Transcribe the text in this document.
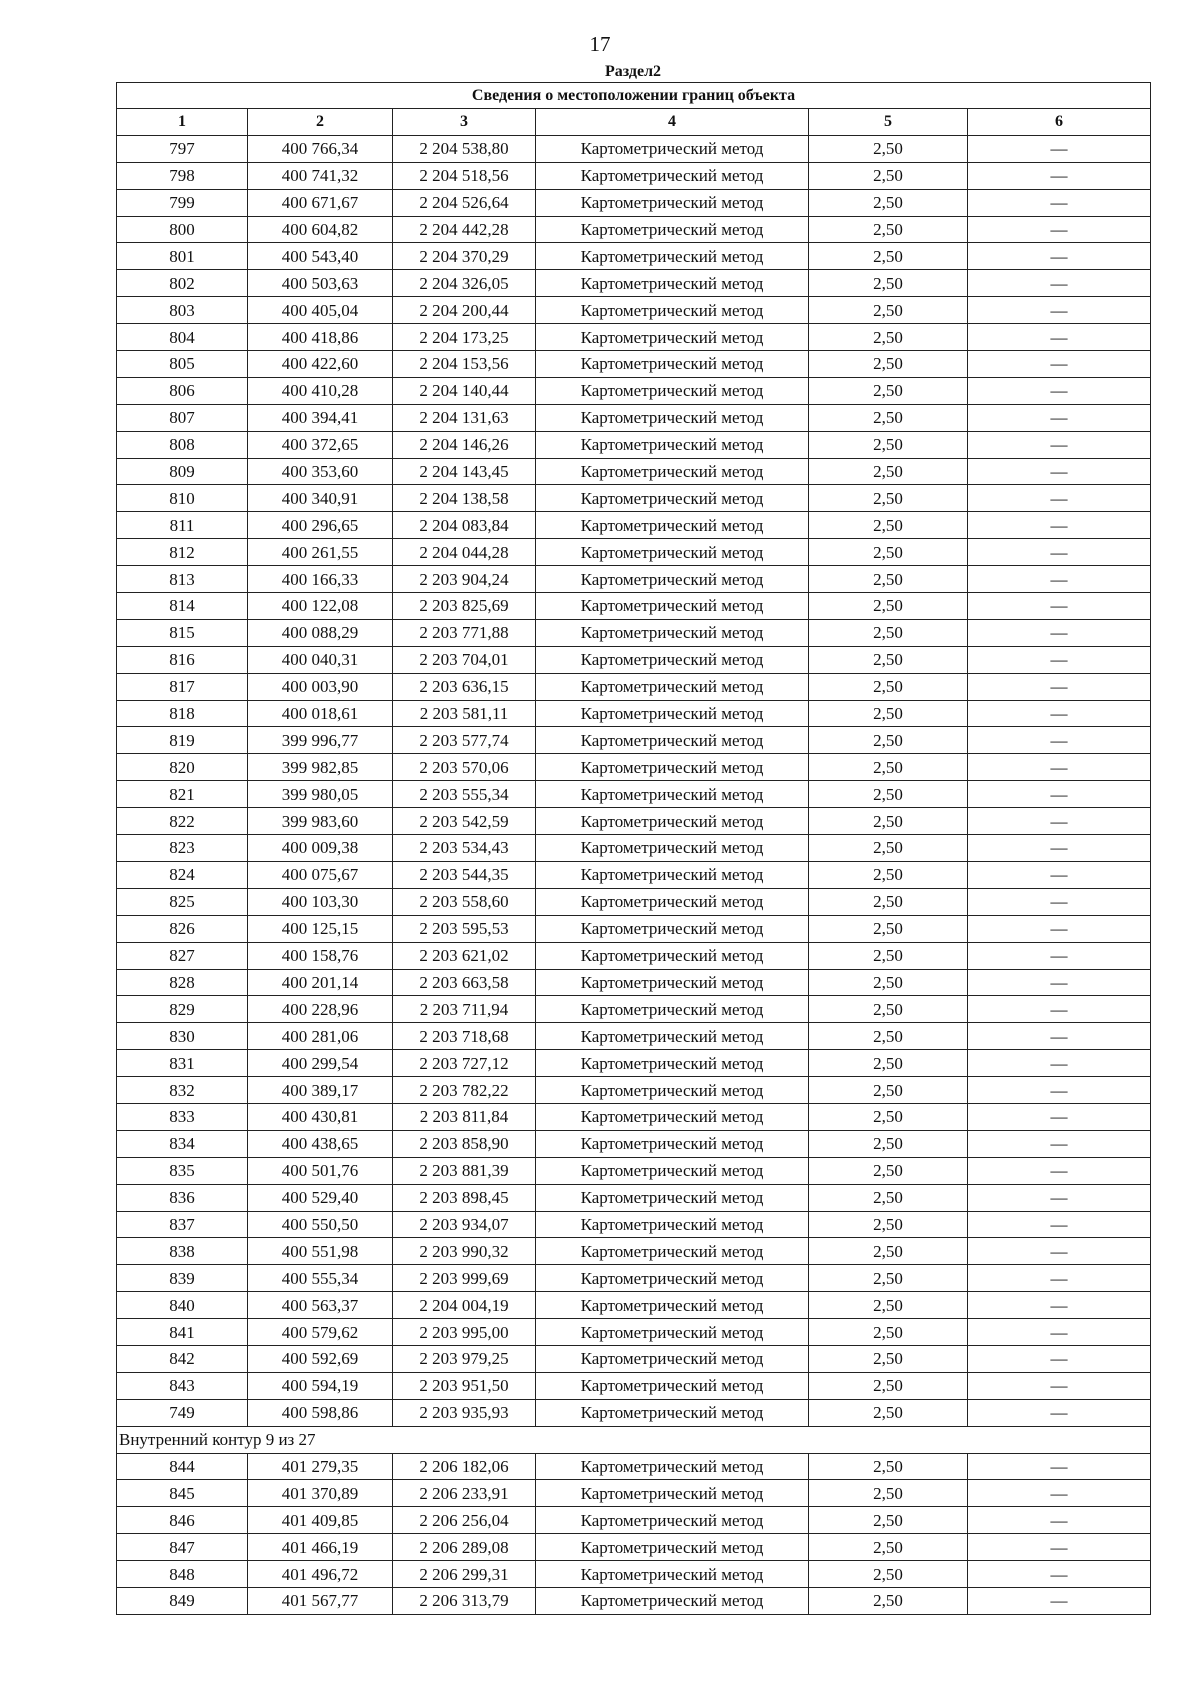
17
Раздел2
Сведения о местоположении границ объекта					
1	2	3	4	5	6
797	400 766,34	2 204 538,80	Картометрический метод	2,50	—
798	400 741,32	2 204 518,56	Картометрический метод	2,50	—
799	400 671,67	2 204 526,64	Картометрический метод	2,50	—
800	400 604,82	2 204 442,28	Картометрический метод	2,50	—
801	400 543,40	2 204 370,29	Картометрический метод	2,50	—
802	400 503,63	2 204 326,05	Картометрический метод	2,50	—
803	400 405,04	2 204 200,44	Картометрический метод	2,50	—
804	400 418,86	2 204 173,25	Картометрический метод	2,50	—
805	400 422,60	2 204 153,56	Картометрический метод	2,50	—
806	400 410,28	2 204 140,44	Картометрический метод	2,50	—
807	400 394,41	2 204 131,63	Картометрический метод	2,50	—
808	400 372,65	2 204 146,26	Картометрический метод	2,50	—
809	400 353,60	2 204 143,45	Картометрический метод	2,50	—
810	400 340,91	2 204 138,58	Картометрический метод	2,50	—
811	400 296,65	2 204 083,84	Картометрический метод	2,50	—
812	400 261,55	2 204 044,28	Картометрический метод	2,50	—
813	400 166,33	2 203 904,24	Картометрический метод	2,50	—
814	400 122,08	2 203 825,69	Картометрический метод	2,50	—
815	400 088,29	2 203 771,88	Картометрический метод	2,50	—
816	400 040,31	2 203 704,01	Картометрический метод	2,50	—
817	400 003,90	2 203 636,15	Картометрический метод	2,50	—
818	400 018,61	2 203 581,11	Картометрический метод	2,50	—
819	399 996,77	2 203 577,74	Картометрический метод	2,50	—
820	399 982,85	2 203 570,06	Картометрический метод	2,50	—
821	399 980,05	2 203 555,34	Картометрический метод	2,50	—
822	399 983,60	2 203 542,59	Картометрический метод	2,50	—
823	400 009,38	2 203 534,43	Картометрический метод	2,50	—
824	400 075,67	2 203 544,35	Картометрический метод	2,50	—
825	400 103,30	2 203 558,60	Картометрический метод	2,50	—
826	400 125,15	2 203 595,53	Картометрический метод	2,50	—
827	400 158,76	2 203 621,02	Картометрический метод	2,50	—
828	400 201,14	2 203 663,58	Картометрический метод	2,50	—
829	400 228,96	2 203 711,94	Картометрический метод	2,50	—
830	400 281,06	2 203 718,68	Картометрический метод	2,50	—
831	400 299,54	2 203 727,12	Картометрический метод	2,50	—
832	400 389,17	2 203 782,22	Картометрический метод	2,50	—
833	400 430,81	2 203 811,84	Картометрический метод	2,50	—
834	400 438,65	2 203 858,90	Картометрический метод	2,50	—
835	400 501,76	2 203 881,39	Картометрический метод	2,50	—
836	400 529,40	2 203 898,45	Картометрический метод	2,50	—
837	400 550,50	2 203 934,07	Картометрический метод	2,50	—
838	400 551,98	2 203 990,32	Картометрический метод	2,50	—
839	400 555,34	2 203 999,69	Картометрический метод	2,50	—
840	400 563,37	2 204 004,19	Картометрический метод	2,50	—
841	400 579,62	2 203 995,00	Картометрический метод	2,50	—
842	400 592,69	2 203 979,25	Картометрический метод	2,50	—
843	400 594,19	2 203 951,50	Картометрический метод	2,50	—
749	400 598,86	2 203 935,93	Картометрический метод	2,50	—
Внутренний контур 9 из 27					
844	401 279,35	2 206 182,06	Картометрический метод	2,50	—
845	401 370,89	2 206 233,91	Картометрический метод	2,50	—
846	401 409,85	2 206 256,04	Картометрический метод	2,50	—
847	401 466,19	2 206 289,08	Картометрический метод	2,50	—
848	401 496,72	2 206 299,31	Картометрический метод	2,50	—
849	401 567,77	2 206 313,79	Картометрический метод	2,50	—
